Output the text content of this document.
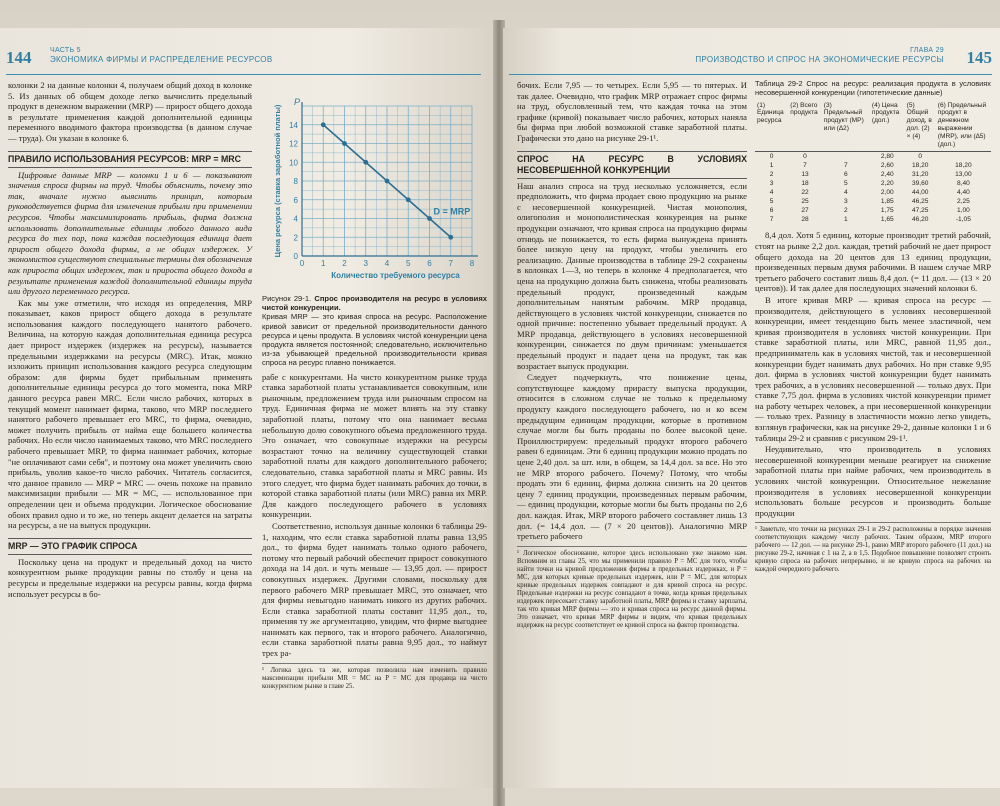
144	ЧАСТЬ 5
ЭКОНОМИКА ФИРМЫ И РАСПРЕДЕЛЕНИЕ РЕСУРСОВ

колонки 2 на данные колонки 4, получаем общий доход в колонке 5. Из данных об общем доходе легко вычислить предельный продукт в денежном выражении (MRP) — прирост общего дохода в результате применения каждой дополнительной единицы переменного вводимого фактора производства (в данном случае — труда). Он указан в колонке 6.

ПРАВИЛО ИСПОЛЬЗОВАНИЯ РЕСУРСОВ: MRP = MRC

Цифровые данные MRP — колонки 1 и 6 — показывают значения спроса фирмы на труд. Чтобы объяснить, почему это так, вначале нужно выяснить принцип, которым руководствуется фирма для извлечения прибыли при применении ресурсов. Чтобы максимизировать прибыль, фирма должна использовать дополнительные единицы любого данного вида ресурса до тех пор, пока каждая последующая единица дает прирост общего дохода фирмы, а не общих издержек. У экономистов существуют специальные термины для обозначения как прироста общих издержек, так и прироста общего дохода в результате применения каждой дополнительной единицы труда или другого переменного ресурса.

Как мы уже отметили, что исходя из определения, MRP показывает, каков прирост общего дохода в результате использования каждого последующего нанятого рабочего. Величина, на которую каждая дополнительная единица ресурса дает прирост издержек (издержек на ресурсы), называется предельными издержками на ресурсы (MRC). Итак, можно изложить принцип использования каждого ресурса следующим образом: для фирмы будет прибыльным применять дополнительные единицы ресурса до того момента, пока MRP данного ресурса равен MRC. Если число рабочих, которых в текущий момент нанимает фирма, таково, что MRP последнего нанятого рабочего превышает его MRC, то фирма, очевидно, может получить прибыль от найма еще большего количества рабочих. Но если число нанимаемых таково, что MRC последнего рабочего превышает MRP, то фирма нанимает рабочих, которые "не оплачивают сами себя", и поэтому она может увеличить свою прибыль, уволив какое-то число рабочих. Читатель согласится, что данное правило — MRP = MRC — очень похоже на правило максимизации прибыли — MR = MC, — использованное при определении цен и объема продукции. Логическое обоснование обоих правил одно и то же, но теперь акцент делается на затраты на ресурсы, а не на выпуск продукции.

MRP — ЭТО ГРАФИК СПРОСА

Поскольку цена на продукт и предельный доход на чисто конкурентном рынке продукции равны по столбу и цена на ресурсы и предельные издержки на ресурсы равны, когда фирма использует ресурсы в бо-

0 1 2 3 4 5 6 7 8
0
2
4
6
8
10
12
14
P
Количество требуемого ресурса
Цена ресурса (ставка заработной платы)	D = MRP
Рисунок 29-1. Спрос производителя на ресурс в условиях чистой конкуренции.
Кривая MRP — это кривая спроса на ресурс. Расположение кривой зависит от предельной производительности данного ресурса и цены продукта. В условиях чистой конкуренции цена продукта является постоянной; следовательно, исключительно из-за убывающей предельной производительности кривая спроса на ресурс плавно понижается.

рабе с конкурентами. На чисто конкурентном рынке труда ставка заработной платы устанавливается совокупным, или рыночным, предложением труда или рыночным спросом на труд. Единичная фирма не может влиять на эту ставку заработной платы, потому что она нанимает весьма небольшую долю совокупного объема предложенного труда. Это означает, что совокупные издержки на ресурсы возрастают точно на величину существующей ставки заработной платы для каждого дополнительного рабочего; следовательно, ставка заработной платы и MRC равны. Из этого следует, что фирма будет нанимать рабочих до точки, в которой ставка заработной платы (или MRC) равна их MRP. Для каждого последующего рабочего в условиях конкуренции.

Соответственно, используя данные колонки 6 таблицы 29-1, находим, что если ставка заработной платы равна 13,95 дол., то фирма будет нанимать только одного рабочего, потому что первый рабочий обеспечит прирост совокупного дохода на 14 дол. и чуть меньше — 13,95 дол. — прирост совокупных издержек. Другими словами, поскольку для первого рабочего MRP превышает MRC, это означает, что для фирмы невыгодно нанимать никого из других рабочих. Если ставка заработной платы составит 11,95 дол., то, применяя ту же аргументацию, увидим, что фирме выгоднее нанимать как первого, так и второго рабочего. Аналогично, если ставка заработной платы равна 9,95 дол., то наймут трех ра-

¹ Логика здесь та же, которая позволила нам изменить правило максимизации прибыли MR = MC на P = MC для продавца на чисто конкурентном рынке в главе 25.
ГЛАВА 29
ПРОИЗВОДСТВО И СПРОС НА ЭКОНОМИЧЕСКИЕ РЕСУРСЫ 145

бочих. Если 7,95 — то четырех. Если 5,95 — то пятерых. И так далее. Очевидно, что график MRP отражает спрос фирмы на труд, обусловленный тем, что каждая точка на этом графике (кривой) показывает число рабочих, которых наняла бы фирма при любой возможной ставке заработной платы. Графически это дано на рисунке 29-1¹.

СПРОС НА РЕСУРС В УСЛОВИЯХ НЕСОВЕРШЕННОЙ КОНКУРЕНЦИИ

Наш анализ спроса на труд несколько усложняется, если предположить, что фирма продает свою продукцию на рынке с несовершенной конкуренцией. Чистая монополия, олигополия и монополистическая конкуренция на рынке продукции означают, что кривая спроса на продукцию фирмы отнюдь не понижается, то есть фирма вынуждена принять более низкую цену на продукт, чтобы увеличить его реализацию. Данные производства в таблице 29-2 сохранены в колонках 1—3, но теперь в колонке 4 предполагается, что цена на продукцию должна быть снижена, чтобы реализовать предельный продукт, произведенный каждым дополнительным нанятым рабочим. MRP продавца, действующего в условиях чистой конкуренции, снижается по одной причине: постепенно убывает предельный продукт. А MRP продавца, действующего в условиях несовершенной конкуренции, снижается по двум причинам: уменьшается предельный продукт и падает цена на продукт, так как возрастает выпуск продукции.

Следует подчеркнуть, что понижение цены, сопутствующее каждому прирасту выпуска продукции, относится в сложном случае не только к предельному продукту каждого последующего рабочего, но и ко всем предыдущим единицам продукции, которые в противном случае могли бы быть проданы по более высокой цене. Проиллюстрируем: предельный продукт второго рабочего равен 6 единицам. Эти 6 единиц продукции можно продать по цене 2,40 дол. за шт. или, в общем, за 14,4 дол. за все. Но это не MRP второго рабочего. Почему? Потому, что чтобы продать эти 6 единиц, фирма должна снизить на 20 центов цену 7 единиц продукции, произведенных первым рабочим, — единиц продукции, которые могли бы быть проданы по 2,6 дол. каждая. Итак, MRP второго рабочего составляет лишь 13 дол. (= 14,4 дол. — (7 × 20 центов)). Аналогично MRP третьего рабочего

¹ Логическое обоснование, которое здесь использовано уже знакомо нам. Вспомним из главы 25, что мы применили правило P = MC для того, чтобы найти точки на кривой предложения фирмы в предельных издержках, и P = MC, для которых кривые предельных издержек, или P = MC, для которых кривые предельных издержек совпадают и для кривой спроса на ресурс. Предельные издержки на ресурс совпадают в точке, когда кривая предельных издержек пересекает ставку заработной платы, MRP фирмы и ставку зарплаты, так что кривая MRP фирмы — это и кривая спроса на ресурс данной фирмы. Это означает, что кривая MRP фирмы и видим, что кривая предельных издержек на ресурс соответствует ее кривой спроса на фактор производства.
Таблица 29-2 Спрос на ресурс: реализация продукта в условиях несовершенной конкуренции (гипотетические данные)
(1) Единица ресурса	(2) Всего продукта	(3) Предельный продукт (MP) или (∆2)	(4) Цена продукта (дол.)	(5) Общий доход, в дол. (2) × (4)	(6) Предельный продукт в денежном выражении (MRP), или (∆5) (дол.)
0	0		2,80	0	
1	7	7	2,60	18,20	18,20
2	13	6	2,40	31,20	13,00
3	18	5	2,20	39,60	8,40
4	22	4	2,00	44,00	4,40
5	25	3	1,85	46,25	2,25
6	27	2	1,75	47,25	1,00
7	28	1	1,65	46,20	-1,05

8,4 дол. Хотя 5 единиц, которые производит третий рабочий, стоят на рынке 2,2 дол. каждая, третий рабочий не дает прирост общего дохода на 20 центов для 13 единиц продукции, произведенных первым двумя рабочими. В нашем случае MRP третьего рабочего составит лишь 8,4 дол. (= 11 дол. — (13 × 20 центов)). И так далее для последующих значений колонки 6.

В итоге кривая MRP — кривая спроса на ресурс — производителя, действующего в условиях несовершенной конкуренции, имеет тенденцию быть менее эластичной, чем кривая производителя в условиях чистой конкуренции. При ставке заработной платы, или MRC, равной 11,95 дол., предприниматель как в условиях чистой, так и несовершенной конкуренции будет нанимать двух рабочих. Но при ставке 9,95 дол. фирма в условиях чистой конкуренции будет нанимать трех рабочих, а в условиях несовершенной — только двух. При ставке 7,75 дол. фирма в условиях чистой конкуренции примет на работу четырех человек, а при несовершенной конкуренции — только трех. Разницу в эластичности можно легко увидеть, взглянув графически, как на рисунке 29-2, данные колонки 1 и 6 таблицы 29-2 и сравнив с рисунком 29-1¹.

Неудивительно, что производитель в условиях несовершенной конкуренции меньше реагирует на снижение заработной платы при найме рабочих, чем производитель в условиях чистой конкуренции. Относительное нежелание производителя в условиях несовершенной конкуренции использовать больше ресурсов и производить больше продукции

¹ Заметьте, что точки на рисунках 29-1 и 29-2 расположены в порядке значения соответствующих каждому числу рабочих. Таким образом, MRP второго рабочего — 12 дол. — на рисунке 29-1, равно MRP второго рабочего (11 дол.) на рисунке 29-2, начиная с 1 на 2, а в 1,5. Подобное повышение позволяет строить кривую спроса на рабочих непрерывно, и не кривую спроса на рабочих на каждой очередного рабочего.
